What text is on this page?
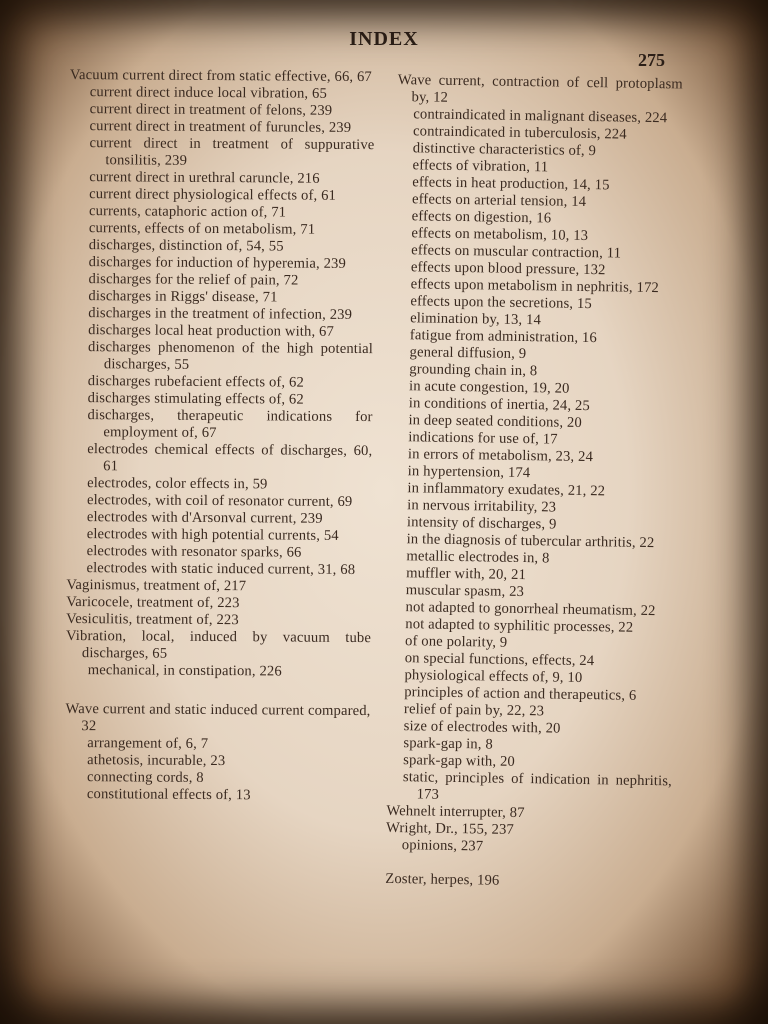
INDEX
275
Vacuum current direct from static effective, 66, 67
current direct induce local vibration, 65
current direct in treatment of felons, 239
current direct in treatment of furuncles, 239
current direct in treatment of suppurative tonsilitis, 239
current direct in urethral caruncle, 216
current direct physiological effects of, 61
currents, cataphoric action of, 71
currents, effects of on metabolism, 71
discharges, distinction of, 54, 55
discharges for induction of hyperemia, 239
discharges for the relief of pain, 72
discharges in Riggs' disease, 71
discharges in the treatment of infection, 239
discharges local heat production with, 67
discharges phenomenon of the high potential discharges, 55
discharges rubefacient effects of, 62
discharges stimulating effects of, 62
discharges, therapeutic indications for employment of, 67
electrodes chemical effects of discharges, 60, 61
electrodes, color effects in, 59
electrodes, with coil of resonator current, 69
electrodes with d'Arsonval current, 239
electrodes with high potential currents, 54
electrodes with resonator sparks, 66
electrodes with static induced current, 31, 68
Vaginismus, treatment of, 217
Varicocele, treatment of, 223
Vesiculitis, treatment of, 223
Vibration, local, induced by vacuum tube discharges, 65
mechanical, in constipation, 226
Wave current and static induced current compared, 32
arrangement of, 6, 7
athetosis, incurable, 23
connecting cords, 8
constitutional effects of, 13
Wave current, contraction of cell protoplasm by, 12
contraindicated in malignant diseases, 224
contraindicated in tuberculosis, 224
distinctive characteristics of, 9
effects of vibration, 11
effects in heat production, 14, 15
effects on arterial tension, 14
effects on digestion, 16
effects on metabolism, 10, 13
effects on muscular contraction, 11
effects upon blood pressure, 132
effects upon metabolism in nephritis, 172
effects upon the secretions, 15
elimination by, 13, 14
fatigue from administration, 16
general diffusion, 9
grounding chain in, 8
in acute congestion, 19, 20
in conditions of inertia, 24, 25
in deep seated conditions, 20
indications for use of, 17
in errors of metabolism, 23, 24
in hypertension, 174
in inflammatory exudates, 21, 22
in nervous irritability, 23
intensity of discharges, 9
in the diagnosis of tubercular arthritis, 22
metallic electrodes in, 8
muffler with, 20, 21
muscular spasm, 23
not adapted to gonorrheal rheumatism, 22
not adapted to syphilitic processes, 22
of one polarity, 9
on special functions, effects, 24
physiological effects of, 9, 10
principles of action and therapeutics, 6
relief of pain by, 22, 23
size of electrodes with, 20
spark-gap in, 8
spark-gap with, 20
static, principles of indication in nephritis, 173
Wehnelt interrupter, 87
Wright, Dr., 155, 237
opinions, 237
Zoster, herpes, 196
